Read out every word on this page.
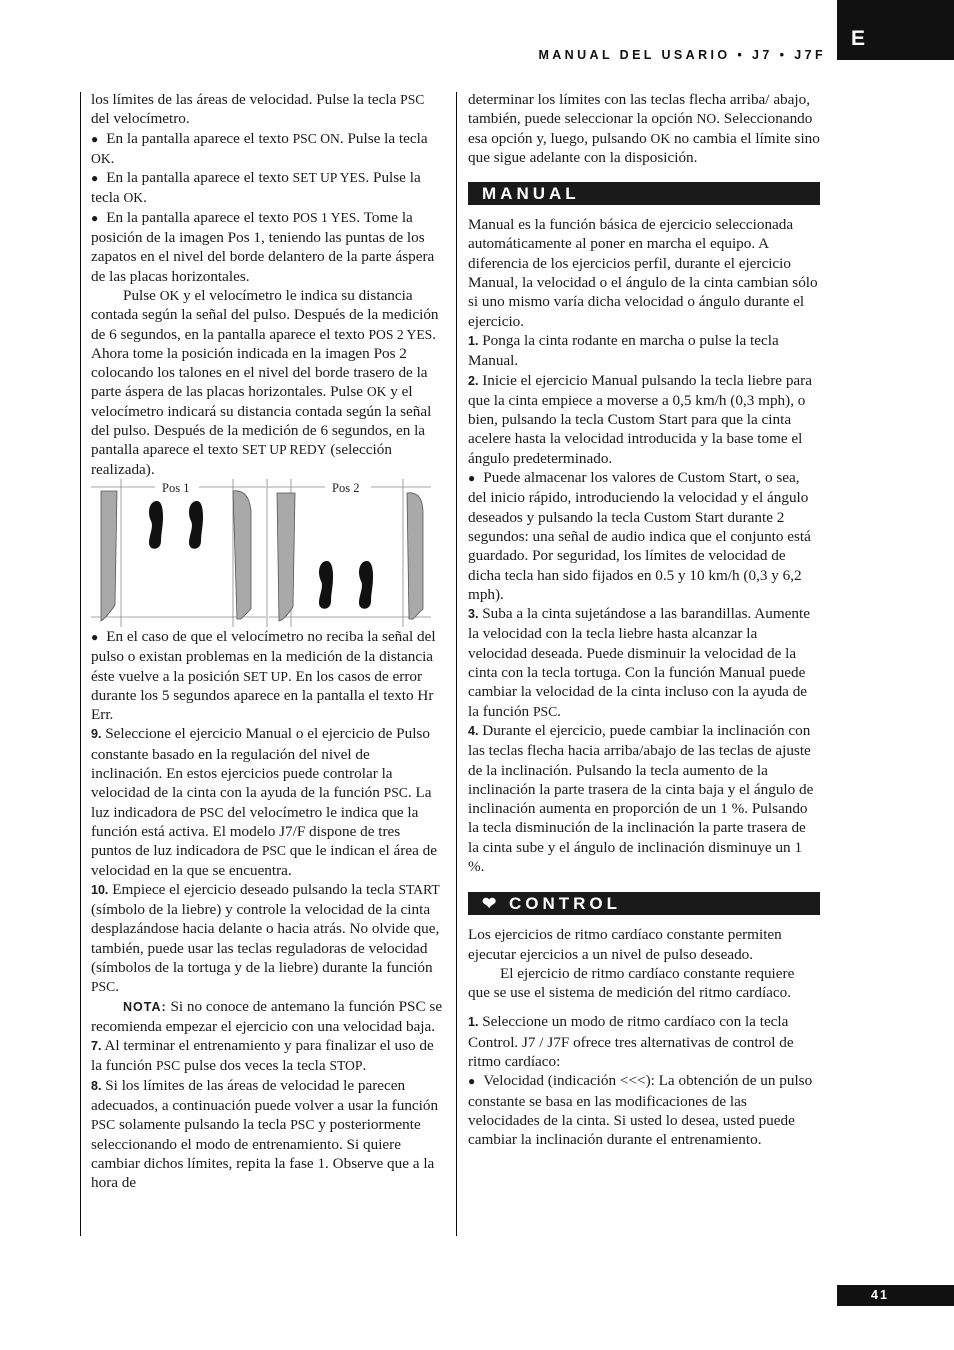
E
MANUAL DEL USARIO • J7 • J7F

los límites de las áreas de velocidad. Pulse la tecla PSC del velocímetro.

● En la pantalla aparece el texto PSC ON. Pulse la tecla OK.

● En la pantalla aparece el texto SET UP YES. Pulse la tecla OK.

● En la pantalla aparece el texto POS 1 YES. Tome la posición de la imagen Pos 1, teniendo las puntas de los zapatos en el nivel del borde delantero de la parte áspera de las placas horizontales.

Pulse OK y el velocímetro le indica su distancia contada según la señal del pulso. Después de la medición de 6 segundos, en la pantalla aparece el texto POS 2 YES. Ahora tome la posición indicada en la imagen Pos 2 colocando los talones en el nivel del borde trasero de la parte áspera de las placas horizontales. Pulse OK y el velocímetro indicará su distancia contada según la señal del pulso. Después de la medición de 6 segundos, en la pantalla aparece el texto SET UP REDY (selección realizada).

Pos 1	Pos 2

● En el caso de que el velocímetro no reciba la señal del pulso o existan problemas en la medición de la distancia éste vuelve a la posición SET UP. En los casos de error durante los 5 segundos aparece en la pantalla el texto Hr Err.

9. Seleccione el ejercicio Manual o el ejercicio de Pulso constante basado en la regulación del nivel de inclinación. En estos ejercicios puede controlar la velocidad de la cinta con la ayuda de la función PSC. La luz indicadora de PSC del velocímetro le indica que la función está activa. El modelo J7/F dispone de tres puntos de luz indicadora de PSC que le indican el área de velocidad en la que se encuentra.

10. Empiece el ejercicio deseado pulsando la tecla START (símbolo de la liebre) y controle la velocidad de la cinta desplazándose hacia delante o hacia atrás. No olvide que, también, puede usar las teclas reguladoras de velocidad (símbolos de la tortuga y de la liebre) durante la función PSC.

NOTA: Si no conoce de antemano la función PSC se recomienda empezar el ejercicio con una velocidad baja.

7. Al terminar el entrenamiento y para finalizar el uso de la función PSC pulse dos veces la tecla STOP.

8. Si los límites de las áreas de velocidad le parecen adecuados, a continuación puede volver a usar la función PSC solamente pulsando la tecla PSC y posteriormente seleccionando el modo de entrenamiento. Si quiere cambiar dichos límites, repita la fase 1. Observe que a la hora de

determinar los límites con las teclas flecha arriba/ abajo, también, puede seleccionar la opción NO. Seleccionando esa opción y, luego, pulsando OK no cambia el límite sino que sigue adelante con la disposición.

MANUAL

Manual es la función básica de ejercicio seleccionada automáticamente al poner en marcha el equipo. A diferencia de los ejercicios perfil, durante el ejercicio Manual, la velocidad o el ángulo de la cinta cambian sólo si uno mismo varía dicha velocidad o ángulo durante el ejercicio.

1. Ponga la cinta rodante en marcha o pulse la tecla Manual.

2. Inicie el ejercicio Manual pulsando la tecla liebre para que la cinta empiece a moverse a 0,5 km/h (0,3 mph), o bien, pulsando la tecla Custom Start para que la cinta acelere hasta la velocidad introducida y la base tome el ángulo predeterminado.

● Puede almacenar los valores de Custom Start, o sea, del inicio rápido, introduciendo la velocidad y el ángulo deseados y pulsando la tecla Custom Start durante 2 segundos: una señal de audio indica que el conjunto está guardado. Por seguridad, los límites de velocidad de dicha tecla han sido fijados en 0.5 y 10 km/h (0,3 y 6,2 mph).

3. Suba a la cinta sujetándose a las barandillas. Aumente la velocidad con la tecla liebre hasta alcanzar la velocidad deseada. Puede disminuir la velocidad de la cinta con la tecla tortuga. Con la función Manual puede cambiar la velocidad de la cinta incluso con la ayuda de la función PSC.

4. Durante el ejercicio, puede cambiar la inclinación con las teclas flecha hacia arriba/abajo de las teclas de ajuste de la inclinación. Pulsando la tecla aumento de la inclinación la parte trasera de la cinta baja y el ángulo de inclinación aumenta en proporción de un 1 %. Pulsando la tecla disminución de la inclinación la parte trasera de la cinta sube y el ángulo de inclinación disminuye un 1 %.

❤ CONTROL

Los ejercicios de ritmo cardíaco constante permiten ejecutar ejercicios a un nivel de pulso deseado.

El ejercicio de ritmo cardíaco constante requiere que se use el sistema de medición del ritmo cardíaco.

1. Seleccione un modo de ritmo cardíaco con la tecla Control. J7 / J7F ofrece tres alternativas de control de ritmo cardíaco:

● Velocidad (indicación <<<): La obtención de un pulso constante se basa en las modificaciones de las velocidades de la cinta. Si usted lo desea, usted puede cambiar la inclinación durante el entrenamiento.

41
